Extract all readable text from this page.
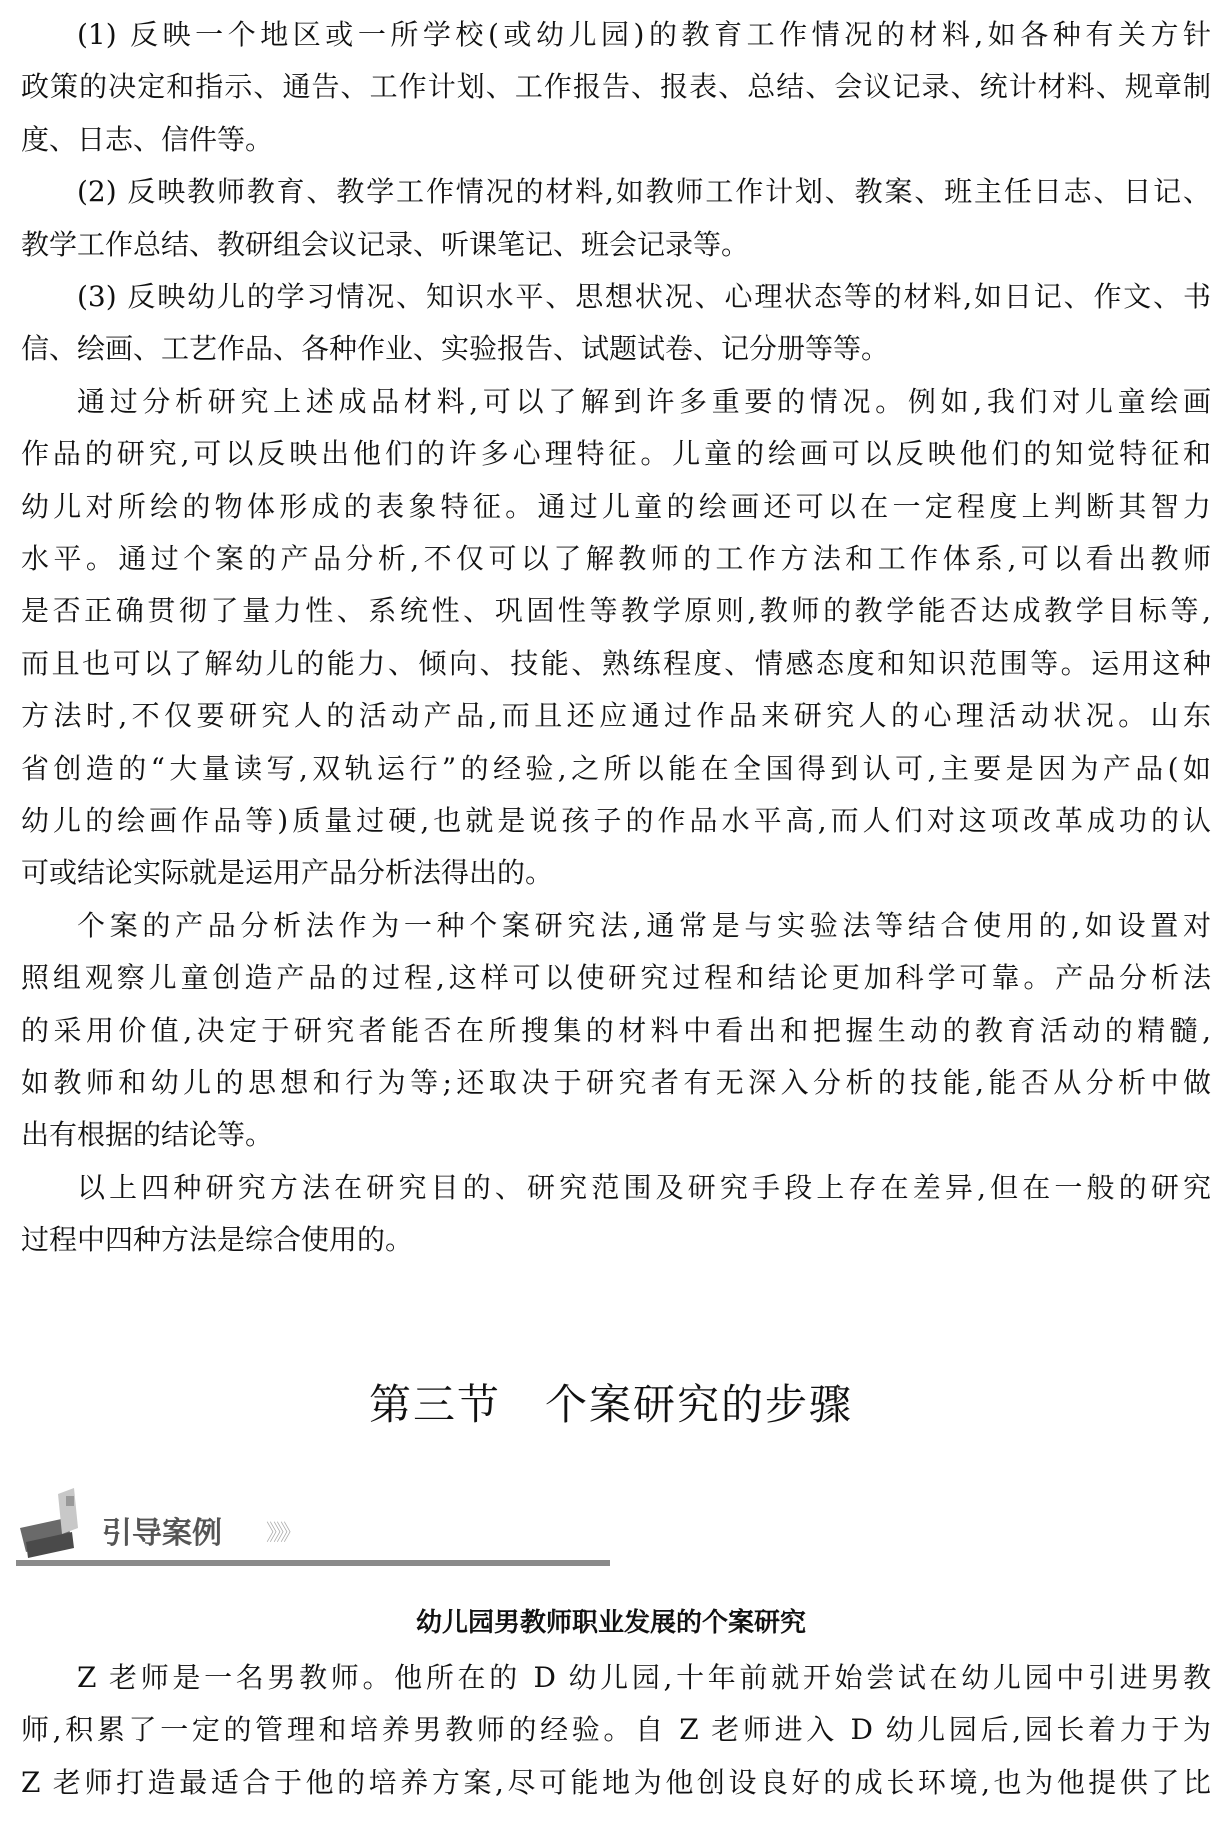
(1) 反映一个地区或一所学校(或幼儿园)的教育工作情况的材料,如各种有关方针
政策的决定和指示、通告、工作计划、工作报告、报表、总结、会议记录、统计材料、规章制
度、日志、信件等。
(2) 反映教师教育、教学工作情况的材料,如教师工作计划、教案、班主任日志、日记、
教学工作总结、教研组会议记录、听课笔记、班会记录等。
(3) 反映幼儿的学习情况、知识水平、思想状况、心理状态等的材料,如日记、作文、书
信、绘画、工艺作品、各种作业、实验报告、试题试卷、记分册等等。
通过分析研究上述成品材料,可以了解到许多重要的情况。例如,我们对儿童绘画
作品的研究,可以反映出他们的许多心理特征。儿童的绘画可以反映他们的知觉特征和
幼儿对所绘的物体形成的表象特征。通过儿童的绘画还可以在一定程度上判断其智力
水平。通过个案的产品分析,不仅可以了解教师的工作方法和工作体系,可以看出教师
是否正确贯彻了量力性、系统性、巩固性等教学原则,教师的教学能否达成教学目标等,
而且也可以了解幼儿的能力、倾向、技能、熟练程度、情感态度和知识范围等。运用这种
方法时,不仅要研究人的活动产品,而且还应通过作品来研究人的心理活动状况。山东
省创造的“大量读写,双轨运行”的经验,之所以能在全国得到认可,主要是因为产品(如
幼儿的绘画作品等)质量过硬,也就是说孩子的作品水平高,而人们对这项改革成功的认
可或结论实际就是运用产品分析法得出的。
个案的产品分析法作为一种个案研究法,通常是与实验法等结合使用的,如设置对
照组观察儿童创造产品的过程,这样可以使研究过程和结论更加科学可靠。产品分析法
的采用价值,决定于研究者能否在所搜集的材料中看出和把握生动的教育活动的精髓,
如教师和幼儿的思想和行为等;还取决于研究者有无深入分析的技能,能否从分析中做
出有根据的结论等。
以上四种研究方法在研究目的、研究范围及研究手段上存在差异,但在一般的研究
过程中四种方法是综合使用的。
第三节　个案研究的步骤
引导案例 》》》
幼儿园男教师职业发展的个案研究
Z 老师是一名男教师。他所在的 D 幼儿园,十年前就开始尝试在幼儿园中引进男教
师,积累了一定的管理和培养男教师的经验。自 Z 老师进入 D 幼儿园后,园长着力于为
Z 老师打造最适合于他的培养方案,尽可能地为他创设良好的成长环境,也为他提供了比
